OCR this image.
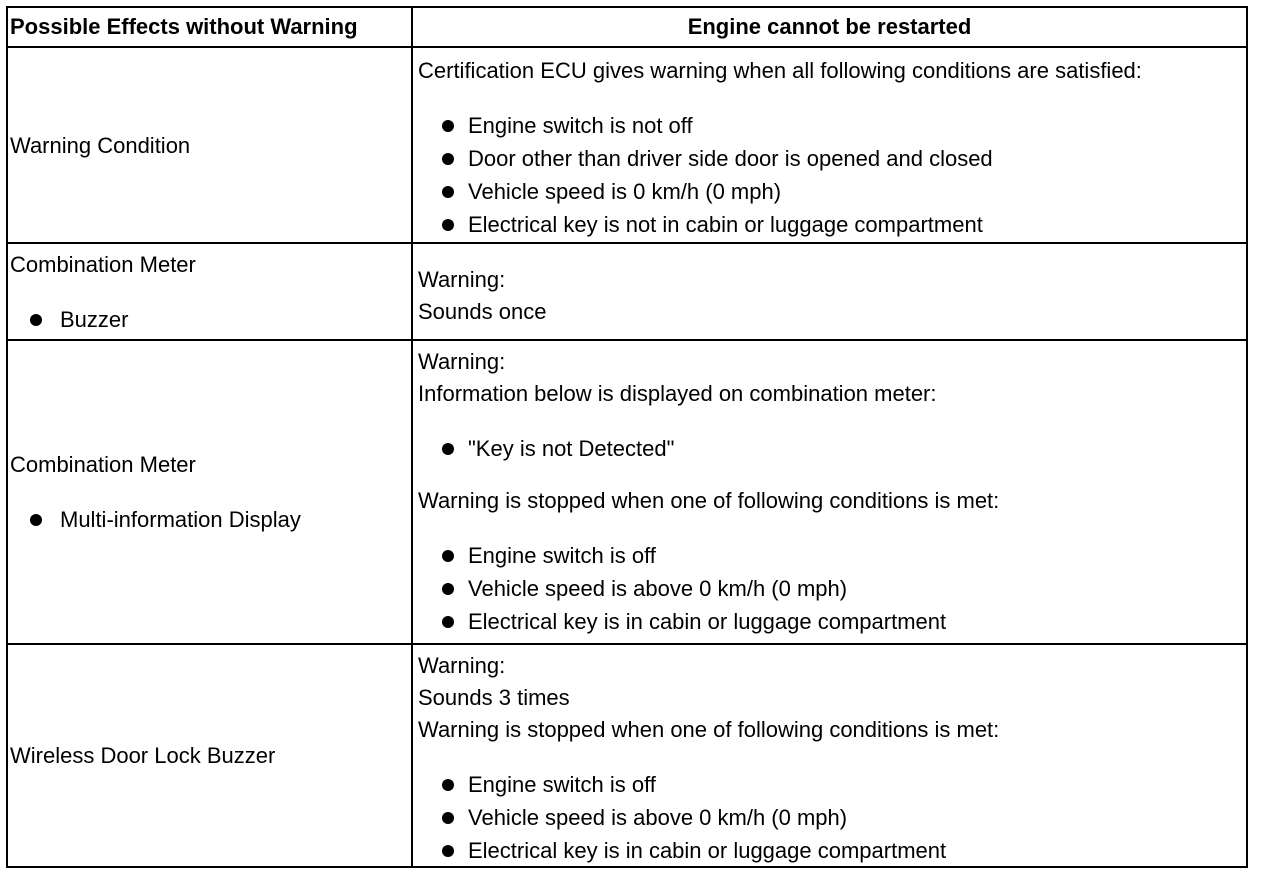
Possible Effects without Warning	Engine cannot be restarted
Warning Condition
Certification ECU gives warning when all following conditions are satisfied:
Engine switch is not off
Door other than driver side door is opened and closed
Vehicle speed is 0 km/h (0 mph)
Electrical key is not in cabin or luggage compartment
Combination Meter
Buzzer
Warning:
Sounds once
Combination Meter
Multi-information Display
Warning:
Information below is displayed on combination meter:
"Key is not Detected"
Warning is stopped when one of following conditions is met:
Engine switch is off
Vehicle speed is above 0 km/h (0 mph)
Electrical key is in cabin or luggage compartment
Wireless Door Lock Buzzer
Warning:
Sounds 3 times
Warning is stopped when one of following conditions is met:
Engine switch is off
Vehicle speed is above 0 km/h (0 mph)
Electrical key is in cabin or luggage compartment
